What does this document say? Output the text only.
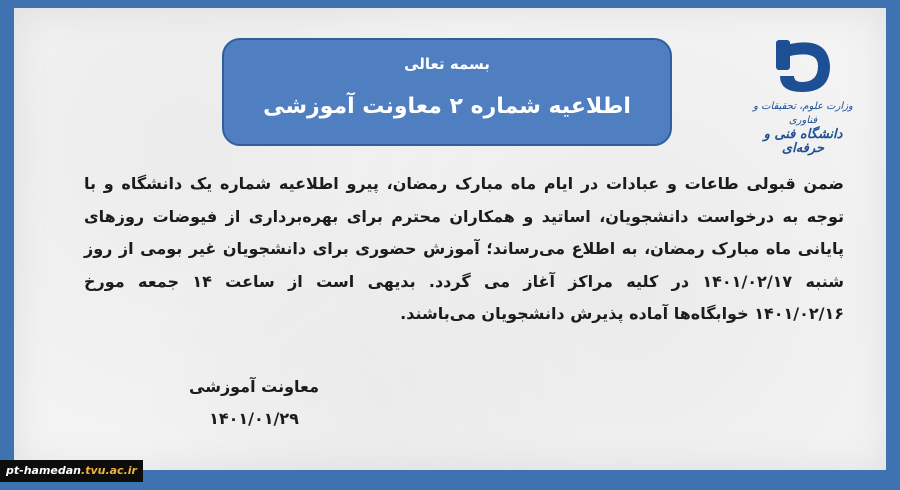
بسمه تعالی
اطلاعیه شماره ۲ معاونت آموزشی	وزارت علوم، تحقیقات و فناوری
دانشگاه فنی و حرفه‌ای
ضمن قبولی طاعات و عبادات در ایام ماه مبارک رمضان، پیرو اطلاعیه شماره یک دانشگاه و با
توجه به درخواست دانشجویان، اساتید و همکاران محترم برای بهره‌برداری از فیوضات روزهای
پایانی ماه مبارک رمضان، به اطلاع می‌رساند؛ آموزش حضوری برای دانشجویان غیر بومی از روز
شنبه ۱۴۰۱/۰۲/۱۷ در کلیه مراکز آغاز می گردد. بدیهی است از ساعت ۱۴ جمعه مورخ
۱۴۰۱/۰۲/۱۶ خوابگاه‌ها آماده پذیرش دانشجویان می‌باشند.
معاونت آموزشی
۱۴۰۱/۰۱/۲۹
pt-hamedan.tvu.ac.ir
